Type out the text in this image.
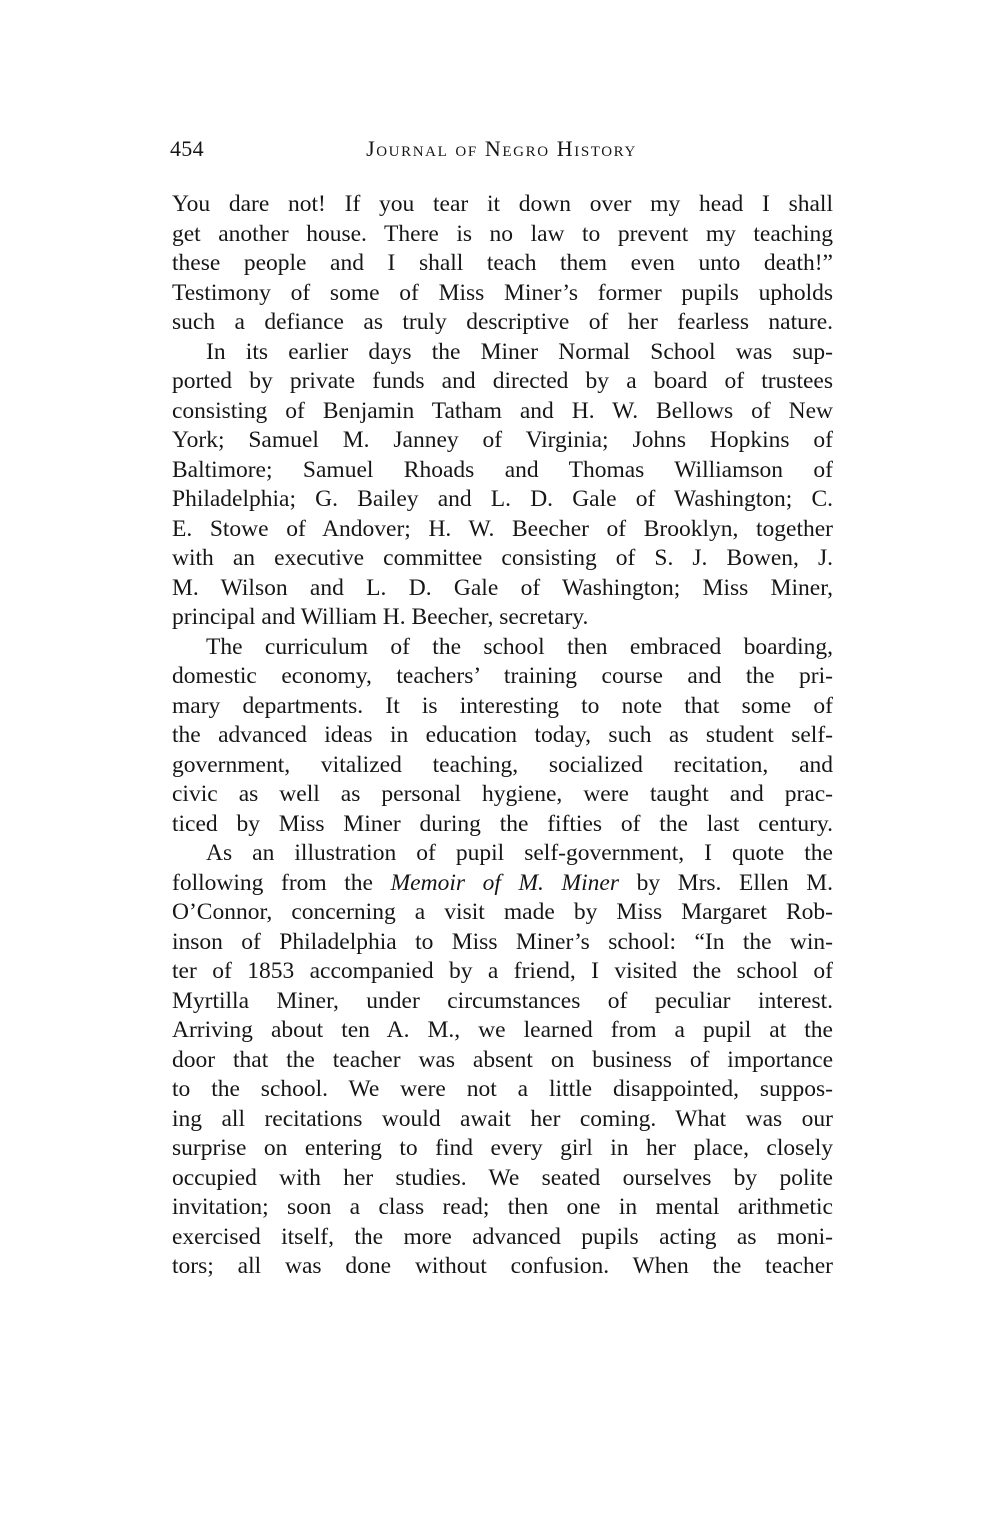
454	Journal of Negro History
You dare not! If you tear it down over my head I shall
get another house. There is no law to prevent my teaching
these people and I shall teach them even unto death!”
Testimony of some of Miss Miner’s former pupils upholds
such a defiance as truly descriptive of her fearless nature.
In its earlier days the Miner Normal School was sup-
ported by private funds and directed by a board of trustees
consisting of Benjamin Tatham and H. W. Bellows of New
York; Samuel M. Janney of Virginia; Johns Hopkins of
Baltimore; Samuel Rhoads and Thomas Williamson of
Philadelphia; G. Bailey and L. D. Gale of Washington; C.
E. Stowe of Andover; H. W. Beecher of Brooklyn, together
with an executive committee consisting of S. J. Bowen, J.
M. Wilson and L. D. Gale of Washington; Miss Miner,
principal and William H. Beecher, secretary.
The curriculum of the school then embraced boarding,
domestic economy, teachers’ training course and the pri-
mary departments. It is interesting to note that some of
the advanced ideas in education today, such as student self-
government, vitalized teaching, socialized recitation, and
civic as well as personal hygiene, were taught and prac-
ticed by Miss Miner during the fifties of the last century.
As an illustration of pupil self-government, I quote the
following from the Memoir of M. Miner by Mrs. Ellen M.
O’Connor, concerning a visit made by Miss Margaret Rob-
inson of Philadelphia to Miss Miner’s school: “In the win-
ter of 1853 accompanied by a friend, I visited the school of
Myrtilla Miner, under circumstances of peculiar interest.
Arriving about ten A. M., we learned from a pupil at the
door that the teacher was absent on business of importance
to the school. We were not a little disappointed, suppos-
ing all recitations would await her coming. What was our
surprise on entering to find every girl in her place, closely
occupied with her studies. We seated ourselves by polite
invitation; soon a class read; then one in mental arithmetic
exercised itself, the more advanced pupils acting as moni-
tors; all was done without confusion. When the teacher
